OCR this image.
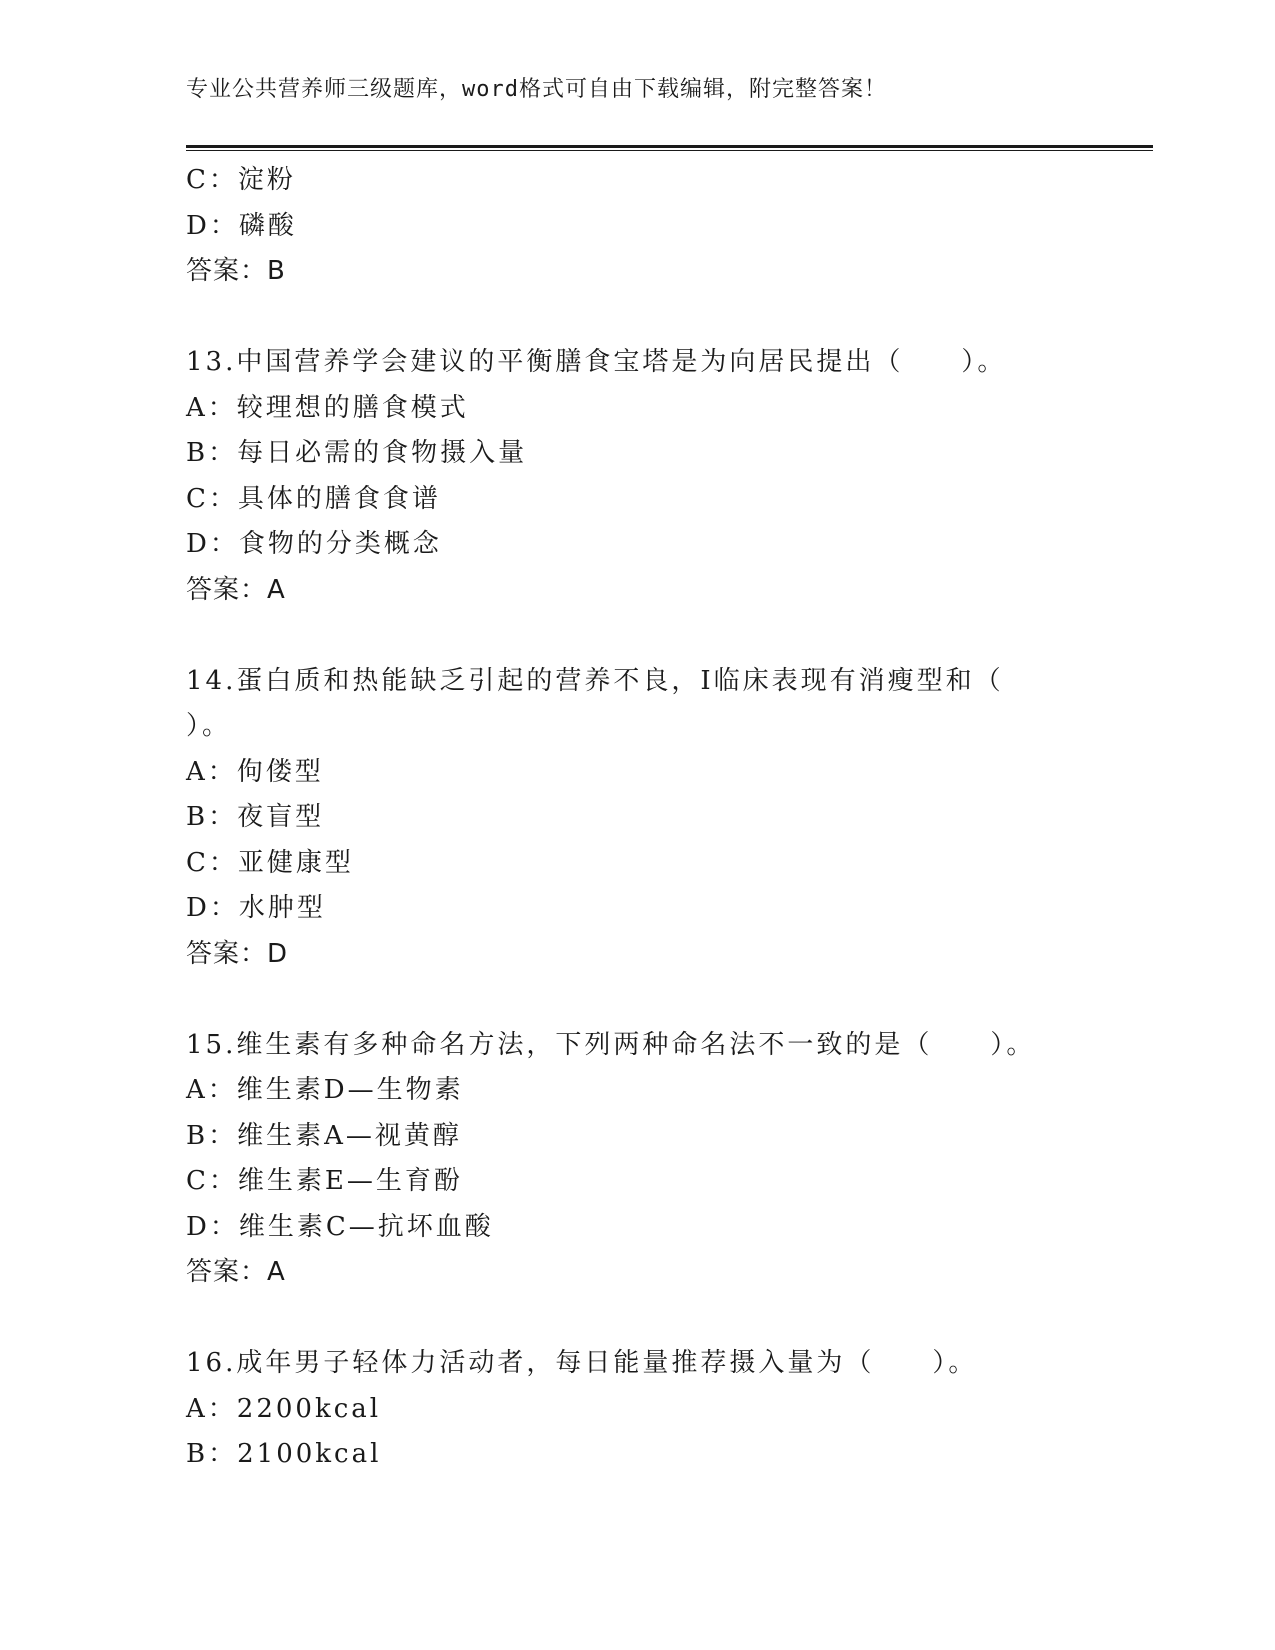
专业公共营养师三级题库，word格式可自由下载编辑，附完整答案！
C：淀粉
D：磷酸
答案：B
13.中国营养学会建议的平衡膳食宝塔是为向居民提出（　　）。
A：较理想的膳食模式
B：每日必需的食物摄入量
C：具体的膳食食谱
D：食物的分类概念
答案：A
14.蛋白质和热能缺乏引起的营养不良，I临床表现有消瘦型和（
）。
A：佝偻型
B：夜盲型
C：亚健康型
D：水肿型
答案：D
15.维生素有多种命名方法，下列两种命名法不一致的是（　　）。
A：维生素D—生物素
B：维生素A—视黄醇
C：维生素E—生育酚
D：维生素C—抗坏血酸
答案：A
16.成年男子轻体力活动者，每日能量推荐摄入量为（　　）。
A：2200kcal
B：2100kcal
